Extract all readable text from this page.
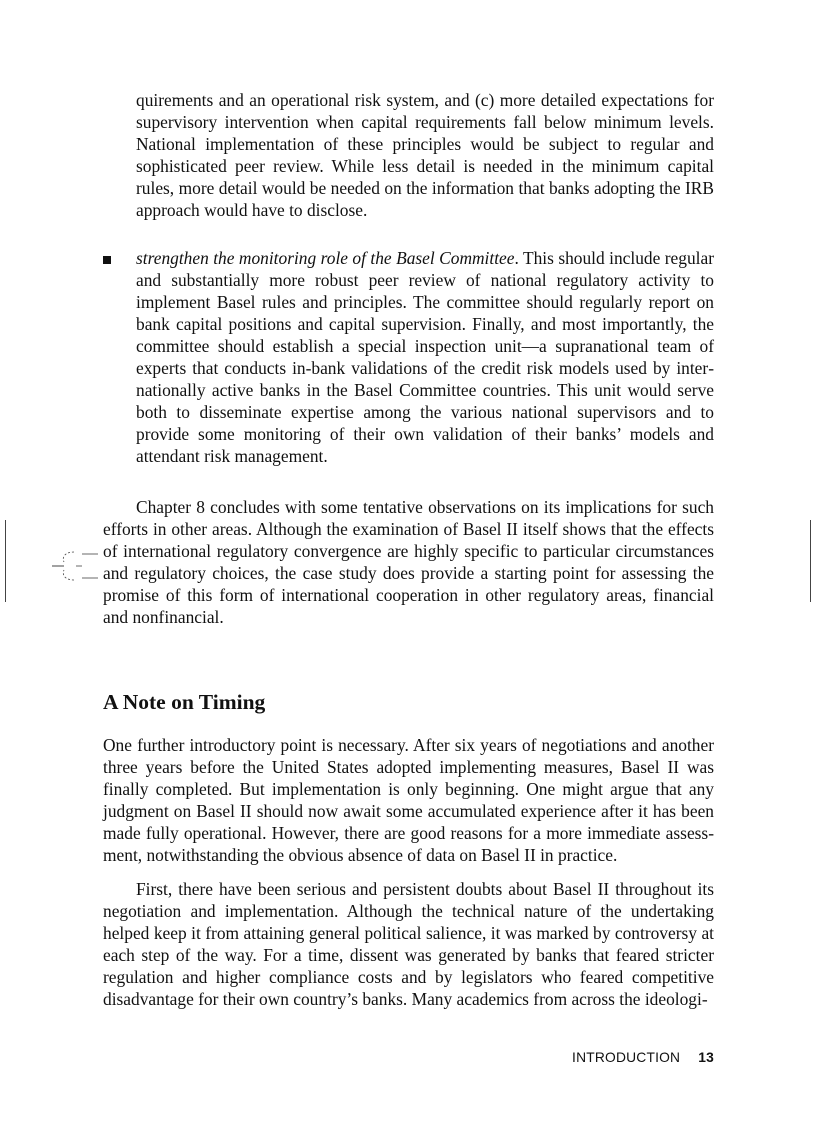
quirements and an operational risk system, and (c) more detailed expectations for supervisory intervention when capital requirements fall below minimum levels. National implementation of these principles would be subject to regular and sophisticated peer review. While less detail is needed in the minimum capital rules, more detail would be needed on the information that banks adopting the IRB approach would have to disclose.

strengthen the monitoring role of the Basel Committee. This should include regular and substantially more robust peer review of national regulatory activity to implement Basel rules and principles. The committee should regularly report on bank capital positions and capital supervision. Finally, and most importantly, the committee should establish a special inspection unit—a supranational team of experts that conducts in-bank validations of the credit risk models used by internationally active banks in the Basel Committee countries. This unit would serve both to disseminate expertise among the various national supervisors and to provide some monitoring of their own validation of their banks’ models and attendant risk management.

Chapter 8 concludes with some tentative observations on its implications for such efforts in other areas. Although the examination of Basel II itself shows that the effects of international regulatory convergence are highly specific to particular circumstances and regulatory choices, the case study does provide a starting point for assessing the promise of this form of international cooperation in other regulatory areas, financial and nonfinancial.

A Note on Timing

One further introductory point is necessary. After six years of negotiations and another three years before the United States adopted implementing measures, Basel II was finally completed. But implementation is only beginning. One might argue that any judgment on Basel II should now await some accumulated experience after it has been made fully operational. However, there are good reasons for a more immediate assessment, notwithstanding the obvious absence of data on Basel II in practice.

First, there have been serious and persistent doubts about Basel II throughout its negotiation and implementation. Although the technical nature of the undertaking helped keep it from attaining general political salience, it was marked by controversy at each step of the way. For a time, dissent was generated by banks that feared stricter regulation and higher compliance costs and by legislators who feared competitive disadvantage for their own country’s banks. Many academics from across the ideologi-

INTRODUCTION 13
